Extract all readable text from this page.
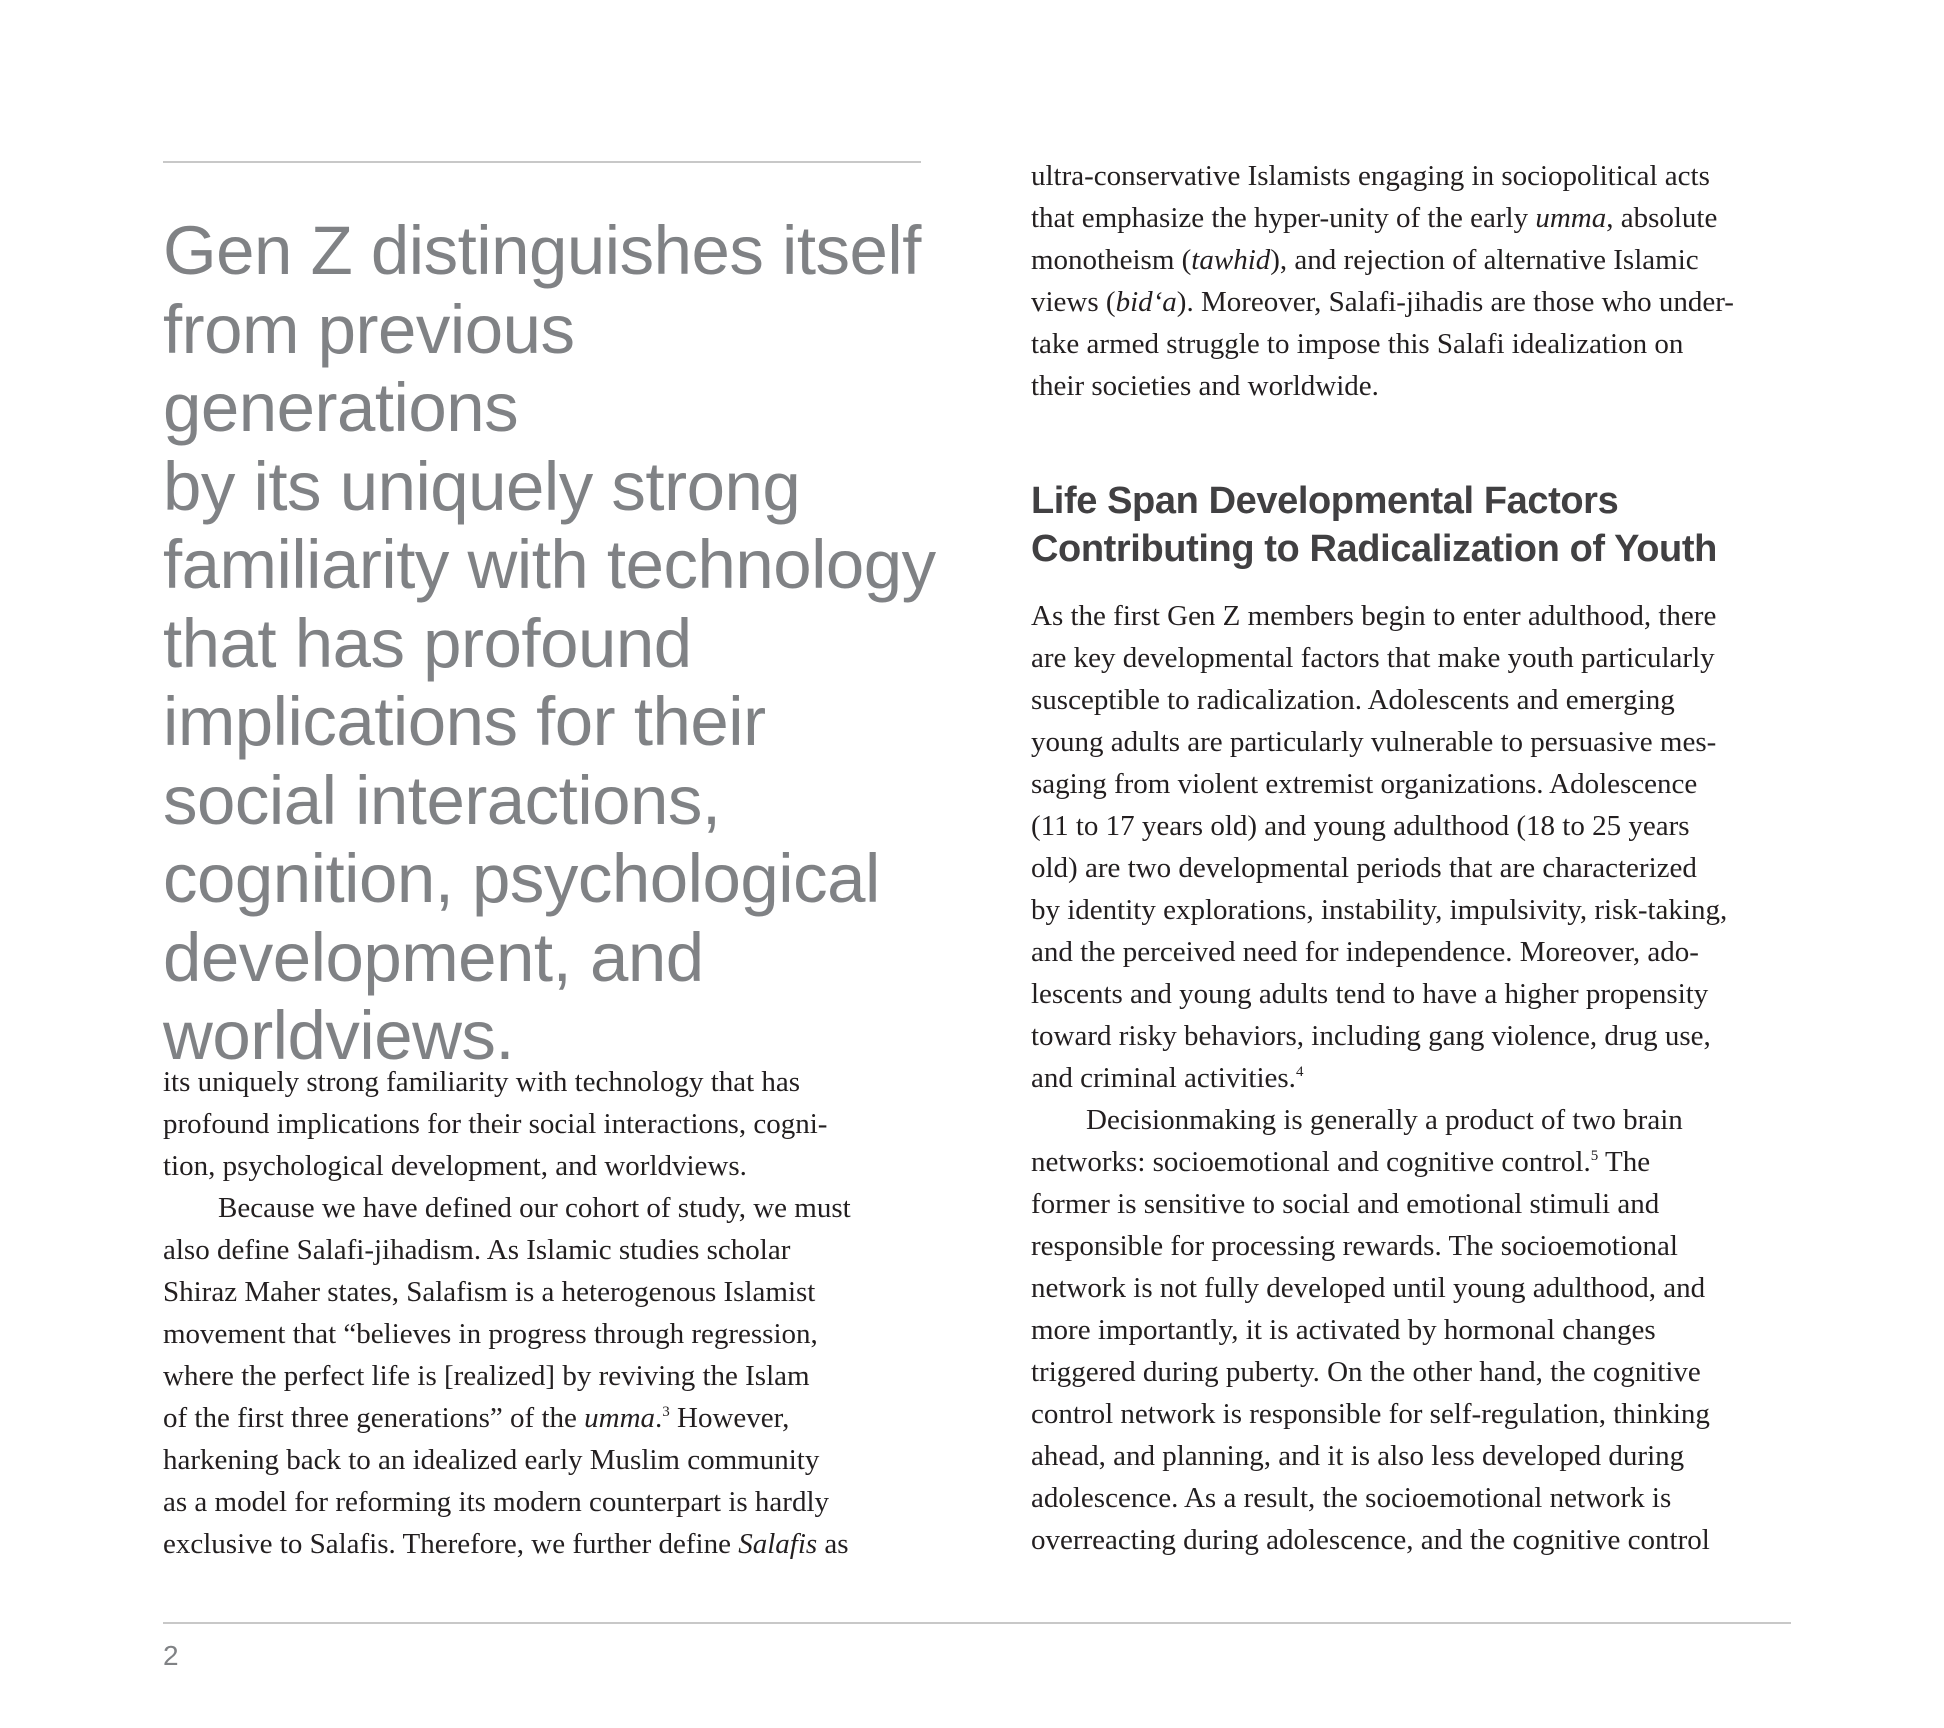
Gen Z distinguishes itself
from previous generations
by its uniquely strong
familiarity with technology
that has profound
implications for their
social interactions,
cognition, psychological
development, and
worldviews.

its uniquely strong familiarity with technology that has
profound implications for their social interactions, cogni-
tion, psychological development, and worldviews.
Because we have defined our cohort of study, we must
also define Salafi-jihadism. As Islamic studies scholar
Shiraz Maher states, Salafism is a heterogenous Islamist
movement that “believes in progress through regression,
where the perfect life is [realized] by reviving the Islam
of the first three generations” of the umma.$^3$ However,
harkening back to an idealized early Muslim community
as a model for reforming its modern counterpart is hardly
exclusive to Salafis. Therefore, we further define Salafis as
ultra-conservative Islamists engaging in sociopolitical acts
that emphasize the hyper-unity of the early umma, absolute
monotheism (tawhid), and rejection of alternative Islamic
views (bid‘a). Moreover, Salafi-jihadis are those who under-
take armed struggle to impose this Salafi idealization on
their societies and worldwide.
Life Span Developmental Factors
Contributing to Radicalization of Youth
As the first Gen Z members begin to enter adulthood, there
are key developmental factors that make youth particularly
susceptible to radicalization. Adolescents and emerging
young adults are particularly vulnerable to persuasive mes-
saging from violent extremist organizations. Adolescence
(11 to 17 years old) and young adulthood (18 to 25 years
old) are two developmental periods that are characterized
by identity explorations, instability, impulsivity, risk-taking,
and the perceived need for independence. Moreover, ado-
lescents and young adults tend to have a higher propensity
toward risky behaviors, including gang violence, drug use,
and criminal activities.$^4$
Decisionmaking is generally a product of two brain
networks: socioemotional and cognitive control.$^5$ The
former is sensitive to social and emotional stimuli and
responsible for processing rewards. The socioemotional
network is not fully developed until young adulthood, and
more importantly, it is activated by hormonal changes
triggered during puberty. On the other hand, the cognitive
control network is responsible for self-regulation, thinking
ahead, and planning, and it is also less developed during
adolescence. As a result, the socioemotional network is
overreacting during adolescence, and the cognitive control
2
